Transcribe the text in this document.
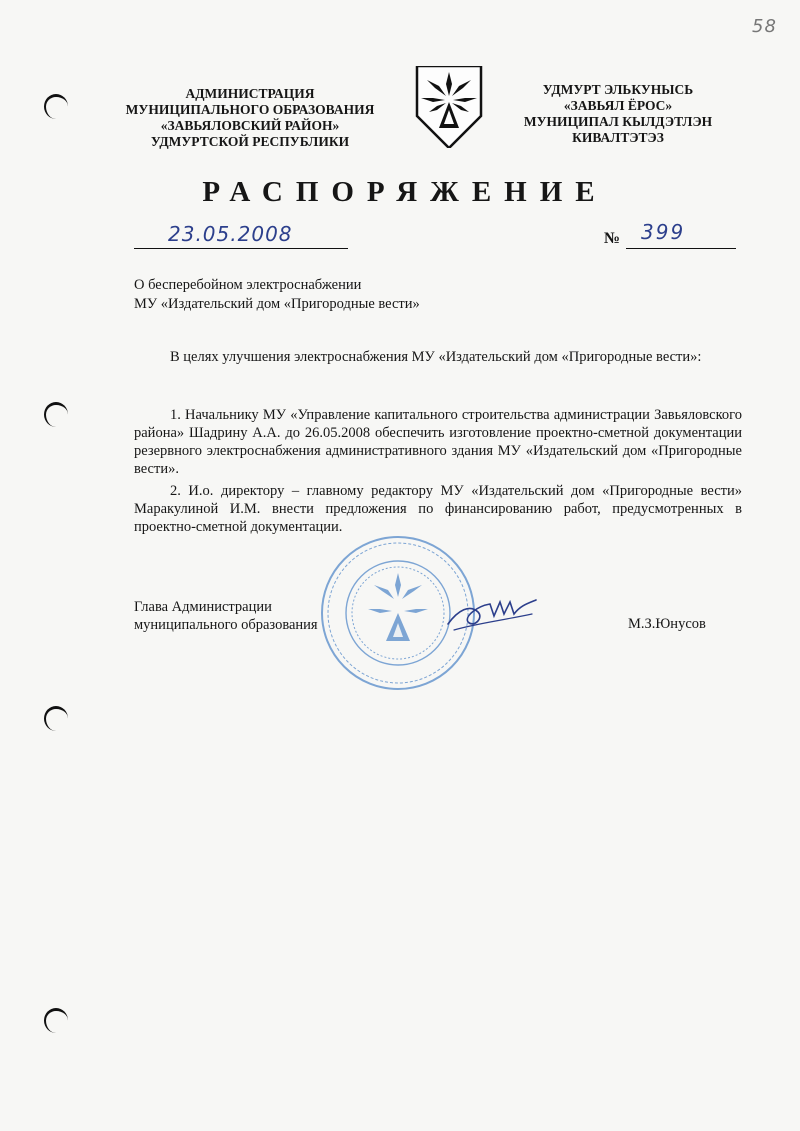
58
АДМИНИСТРАЦИЯ
МУНИЦИПАЛЬНОГО ОБРАЗОВАНИЯ
«ЗАВЬЯЛОВСКИЙ РАЙОН»
УДМУРТСКОЙ РЕСПУБЛИКИ
УДМУРТ ЭЛЬКУНЫСЬ
«ЗАВЬЯЛ ЁРОС»
МУНИЦИПАЛ КЫЛДЭТЛЭН
КИВАЛТЭТЭЗ
РАСПОРЯЖЕНИЕ
23.05.2008	№ 399
О бесперебойном электроснабжении
МУ «Издательский дом «Пригородные вести»

В целях улучшения электроснабжения МУ «Издательский дом «Пригородные вести»:

1. Начальнику МУ «Управление капитального строительства администрации Завьяловского района» Шадрину А.А. до 26.05.2008 обеспечить изготовление проектно-сметной документации резервного электроснабжения административного здания МУ «Издательский дом «Пригородные вести».

2. И.о. директору – главному редактору МУ «Издательский дом «Пригородные вести» Маракулиной И.М. внести предложения по финансированию работ, предусмотренных в проектно-сметной документации.

Глава Администрации
муниципального образования	М.З.Юнусов
